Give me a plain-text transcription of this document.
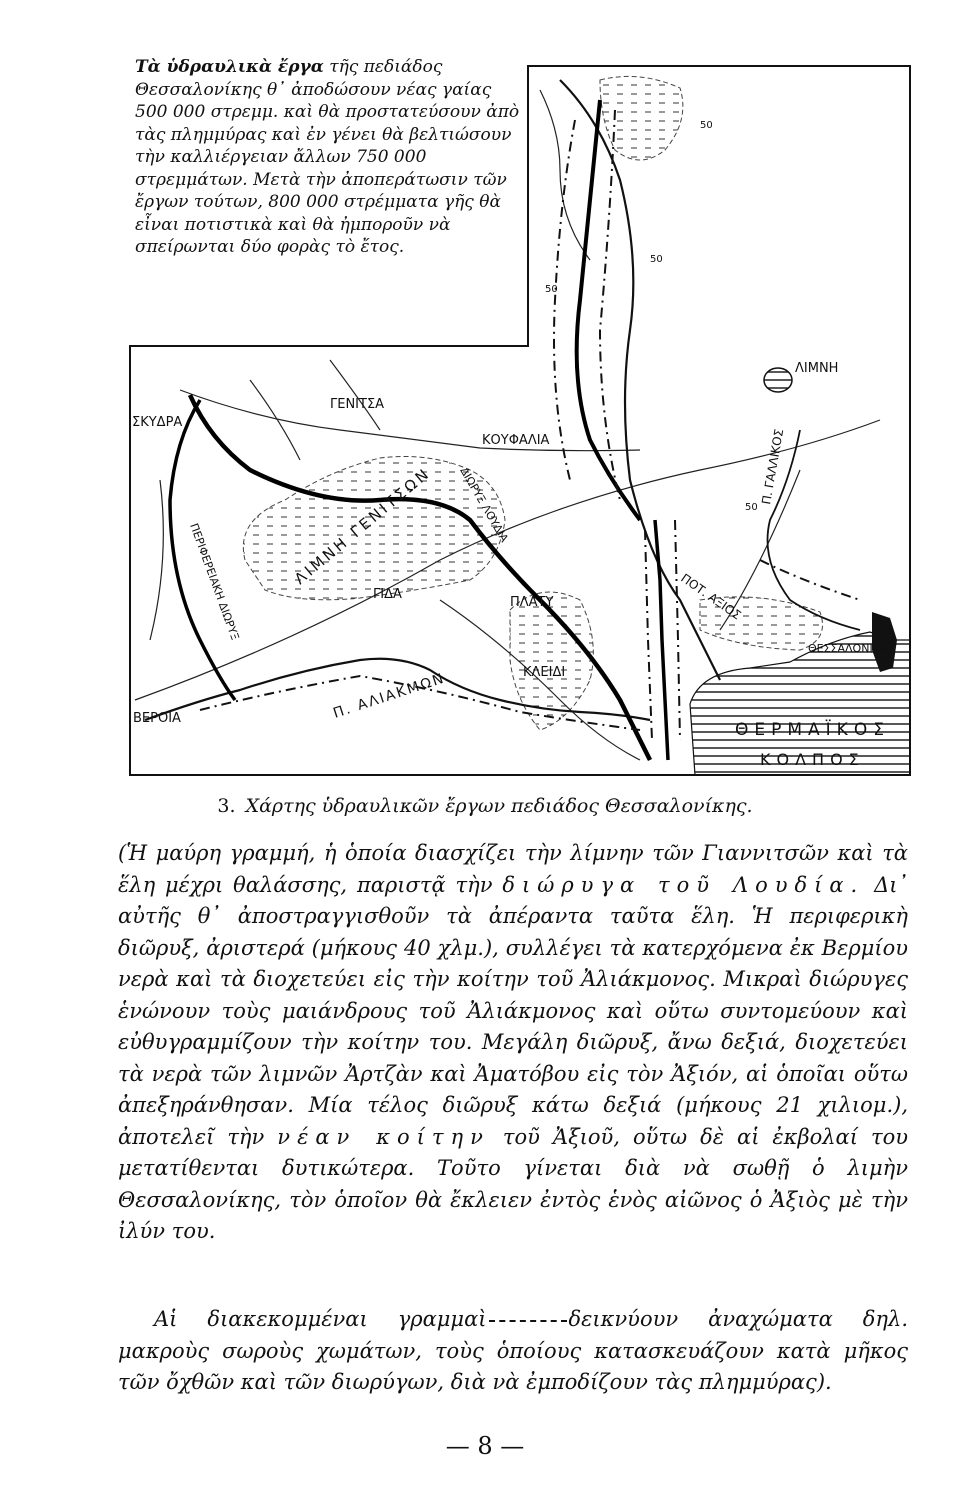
Τὰ ὑδραυλικὰ ἔργα τῆς πεδιάδος Θεσσαλονίκης θ᾽ ἀποδώσουν νέας γαίας 500 000 στρεμμ. καὶ θὰ προστατεύσουν ἀπὸ τὰς πλημμύρας καὶ ἐν γένει θὰ βελτιώσουν τὴν καλλιέργειαν ἄλλων 750 000 στρεμμάτων. Μετὰ τὴν ἀποπεράτωσιν τῶν ἔργων τούτων, 800 000 στρέμματα γῆς θὰ εἶναι ποτιστικὰ καὶ θὰ ἠμποροῦν νὰ σπείρωνται δύο φορὰς τὸ ἔτος.

ΛΙΜΝΗ
ΓΕΝΙΤΣΑ
ΣΚΥΔΡΑ
ΚΟΥΦΑΛΙΑ
ΛΙΜΝΗ ΓΕΝΙΤΣΩΝ ΔΙΩΡΥΞ ΛΟΥΔΙΑ
ΠΕΡΙΦΕΡΕΙΑΚΗ ΔΙΩΡΥΞ	ΓΙΔΑ
ΠΛΑΤΥ
ΚΛΕΙΔΙ
ΒΕΡΟΙΑ	Π. ΑΛΙΑΚΜΩΝ
ΠΟΤ. ΑΞΙΟΣ
Π. ΓΑΛΛΙΚΟΣ
ΘΕΣΣΑΛΟΝΙΚΗ
ΘΕΡΜΑΪΚΟΣ
ΚΟΛΠΟΣ
50
50
50
50

3. Χάρτης ὑδραυλικῶν ἔργων πεδιάδος Θεσσαλονίκης.

(Ἡ μαύρη γραμμή, ἡ ὁποία διασχίζει τὴν λίμνην τῶν Γιαννιτσῶν καὶ τὰ ἕλη μέχρι θαλάσσης, παριστᾷ τὴν διώρυγα τοῦ Λουδία. Δι᾽ αὐτῆς θ᾽ ἀποστραγγισθοῦν τὰ ἀπέραντα ταῦτα ἕλη. Ἡ περιφερικὴ διῶρυξ, ἀριστερά (μήκους 40 χλμ.), συλλέγει τὰ κατερχόμενα ἐκ Βερμίου νερὰ καὶ τὰ διοχετεύει εἰς τὴν κοίτην τοῦ Ἀλιάκμονος. Μικραὶ διώρυγες ἑνώνουν τοὺς μαιάνδρους τοῦ Ἀλιάκμονος καὶ οὕτω συντομεύουν καὶ εὐθυγραμμίζουν τὴν κοίτην του. Μεγάλη διῶρυξ, ἄνω δεξιά, διοχετεύει τὰ νερὰ τῶν λιμνῶν Ἀρτζὰν καὶ Ἀματόβου εἰς τὸν Ἀξιόν, αἱ ὁποῖαι οὕτω ἀπεξηράνθησαν. Μία τέλος διῶρυξ κάτω δεξιά (μήκους 21 χιλιομ.), ἀποτελεῖ τὴν νέαν κοίτην τοῦ Ἀξιοῦ, οὕτω δὲ αἱ ἐκβολαί του μετατίθενται δυτικώτερα. Τοῦτο γίνεται διὰ νὰ σωθῇ ὁ λιμὴν Θεσσαλονίκης, τὸν ὁποῖον θὰ ἔκλειεν ἐντὸς ἑνὸς αἰῶνος ὁ Ἀξιὸς μὲ τὴν ἰλύν του.

Αἱ διακεκομμέναι γραμμαὶ	δεικνύουν ἀναχώματα δηλ. μακροὺς σωροὺς χωμάτων, τοὺς ὁποίους κατασκευάζουν κατὰ μῆκος τῶν ὄχθῶν καὶ τῶν διωρύγων, διὰ νὰ ἐμποδίζουν τὰς πλημμύρας).

— 8 —
